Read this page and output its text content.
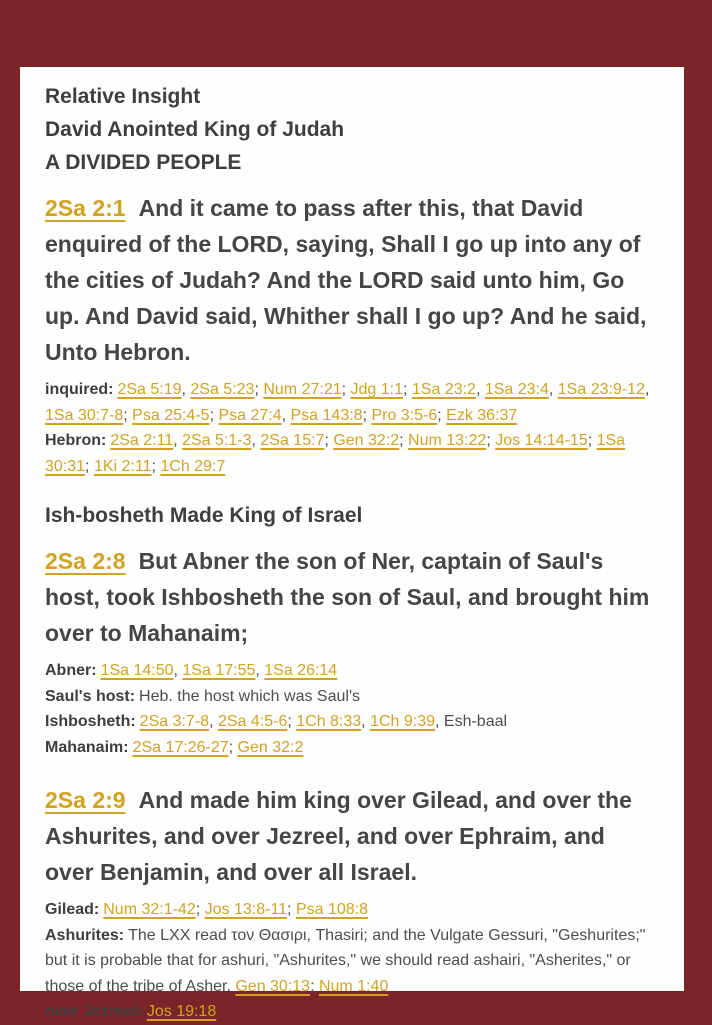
Relative Insight
David Anointed King of Judah
A DIVIDED PEOPLE

2Sa 2:1 And it came to pass after this, that David enquired of the LORD, saying, Shall I go up into any of the cities of Judah? And the LORD said unto him, Go up. And David said, Whither shall I go up? And he said, Unto Hebron.

inquired: 2Sa 5:19, 2Sa 5:23; Num 27:21; Jdg 1:1; 1Sa 23:2, 1Sa 23:4, 1Sa 23:9-12, 1Sa 30:7-8; Psa 25:4-5; Psa 27:4, Psa 143:8; Pro 3:5-6; Ezk 36:37
Hebron: 2Sa 2:11, 2Sa 5:1-3, 2Sa 15:7; Gen 32:2; Num 13:22; Jos 14:14-15; 1Sa 30:31; 1Ki 2:11; 1Ch 29:7
Ish-bosheth Made King of Israel

2Sa 2:8 But Abner the son of Ner, captain of Saul's host, took Ishbosheth the son of Saul, and brought him over to Mahanaim;

Abner: 1Sa 14:50, 1Sa 17:55, 1Sa 26:14
Saul's host: Heb. the host which was Saul's
Ishbosheth: 2Sa 3:7-8, 2Sa 4:5-6; 1Ch 8:33, 1Ch 9:39, Esh-baal
Mahanaim: 2Sa 17:26-27; Gen 32:2

2Sa 2:9 And made him king over Gilead, and over the Ashurites, and over Jezreel, and over Ephraim, and over Benjamin, and over all Israel.

Gilead: Num 32:1-42; Jos 13:8-11; Psa 108:8
Ashurites: The LXX read τον Θασιρι, Thasiri; and the Vulgate Gessuri, "Geshurites;" but it is probable that for ashuri, "Ashurites," we should read ashairi, "Asherites," or those of the tribe of Asher. Gen 30:13; Num 1:40
over Jezreel: Jos 19:18
